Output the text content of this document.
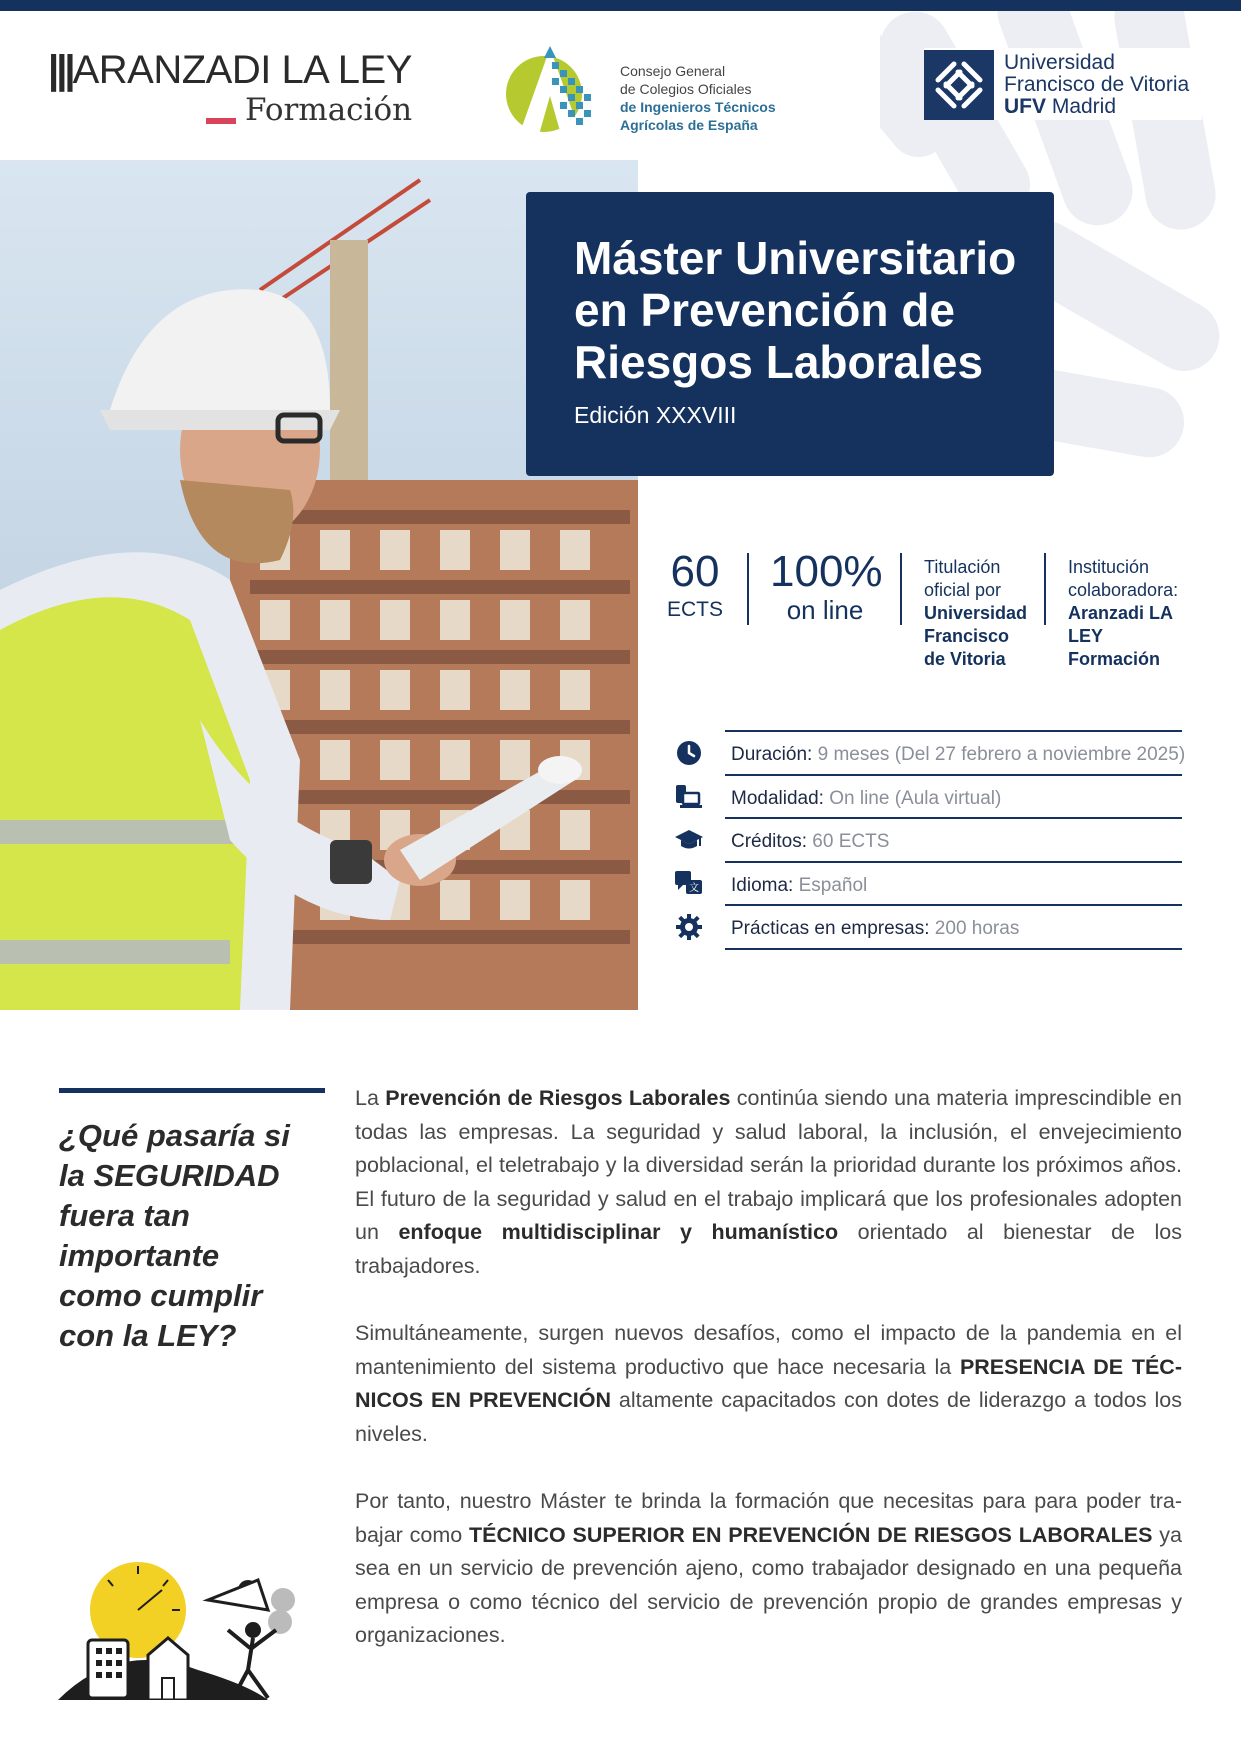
|||ARANZADI LA LEY
Formación
Consejo General
de Colegios Oficiales
de Ingenieros Técnicos
Agrícolas de España
Universidad
Francisco de Vitoria
UFV Madrid
Máster Universitario en Prevención de Riesgos Laborales
Edición XXXVIII
60
ECTS
100%
on line
Titulación oficial por
Universidad Francisco de Vitoria
Institución colaboradora:
Aranzadi LA LEY Formación
Duración: 9 meses (Del 27 febrero a noviembre 2025)
Modalidad: On line (Aula virtual)
Créditos: 60 ECTS
文 Idioma: Español
Prácticas en empresas: 200 horas
¿Qué pasaría si la SEGURIDAD fuera tan importante como cumplir con la LEY?

La Prevención de Riesgos Laborales continúa siendo una materia imprescindible en todas las empresas. La seguridad y salud laboral, la inclusión, el envejecimiento poblacional, el teletrabajo y la diversidad serán la prioridad durante los próximos años. El futuro de la seguridad y salud en el trabajo implicará que los profesionales adopten un enfoque multidisciplinar y humanístico orientado al bienestar de los trabajadores.

Simultáneamente, surgen nuevos desafíos, como el impacto de la pandemia en el mantenimiento del sistema productivo que hace necesaria la PRESENCIA DE TÉC-NICOS EN PREVENCIÓN altamente capacitados con dotes de liderazgo a todos los niveles.

Por tanto, nuestro Máster te brinda la formación que necesitas para para poder tra-bajar como TÉCNICO SUPERIOR EN PREVENCIÓN DE RIESGOS LABORALES ya sea en un servicio de prevención ajeno, como trabajador designado en una pequeña empresa o como técnico del servicio de prevención propio de grandes empresas y organizaciones.
